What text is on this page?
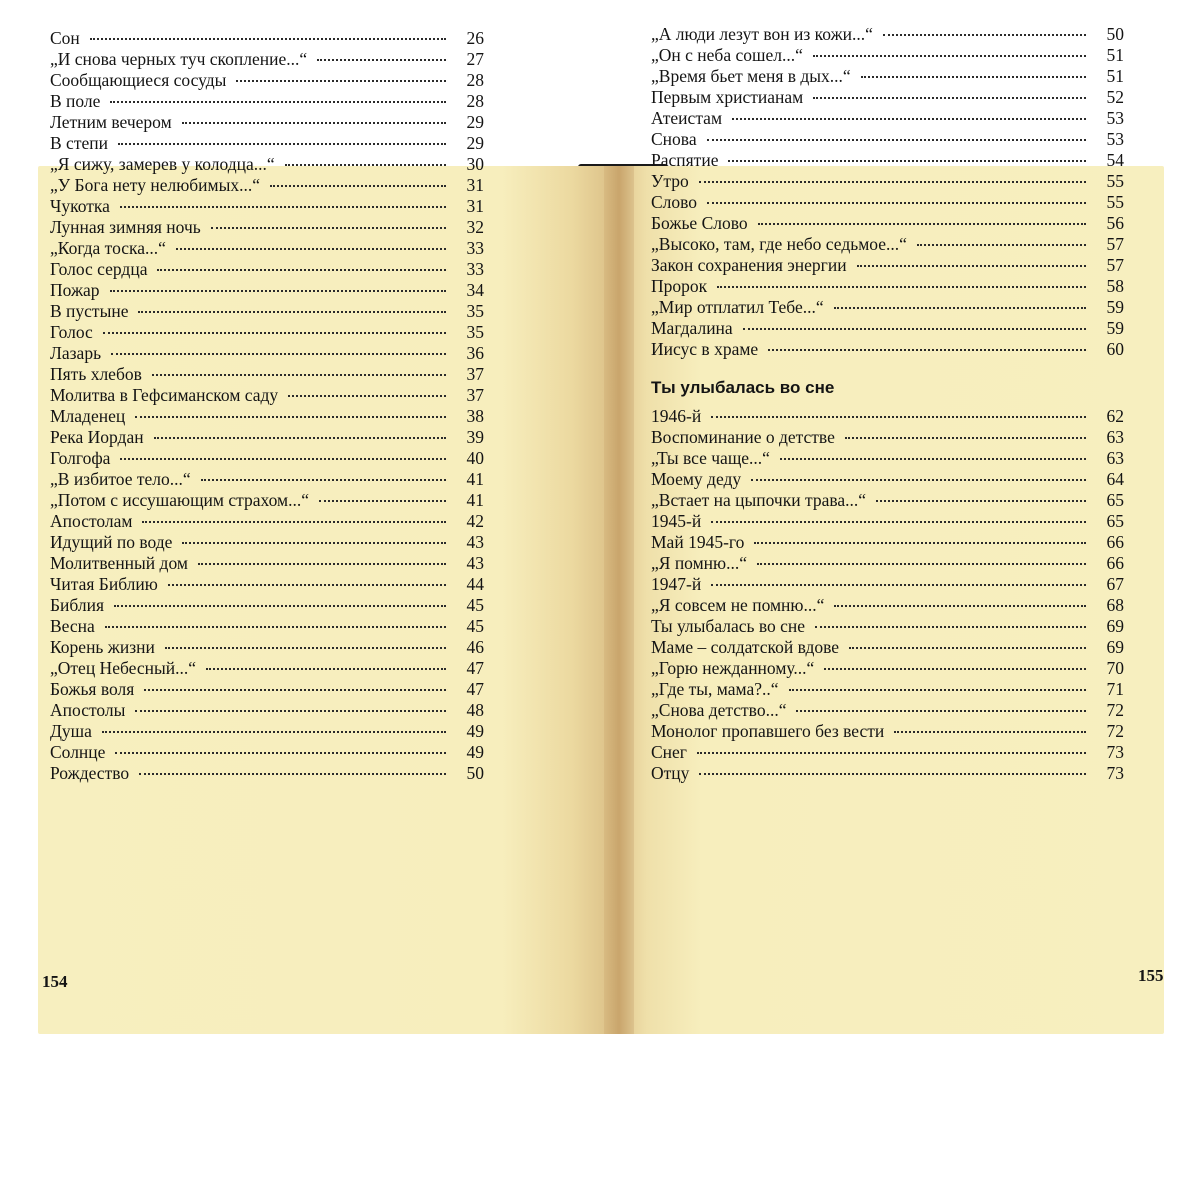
Сон	26
„И снова черных туч скопление...“	27
Сообщающиеся сосуды	28
В поле	28
Летним вечером	29
В степи	29
„Я сижу, замерев у колодца...“	30
„У Бога нету нелюбимых...“	31
Чукотка	31
Лунная зимняя ночь	32
„Когда тоска...“	33
Голос сердца	33
Пожар	34
В пустыне	35
Голос	35
Лазарь	36
Пять хлебов	37
Молитва в Гефсиманском саду	37
Младенец	38
Река Иордан	39
Голгофа	40
„В избитое тело...“	41
„Потом с иссушающим страхом...“	41
Апостолам	42
Идущий по воде	43
Молитвенный дом	43
Читая Библию	44
Библия	45
Весна	45
Корень жизни	46
„Отец Небесный...“	47
Божья воля	47
Апостолы	48
Душа	49
Солнце	49
Рождество	50
„А люди лезут вон из кожи...“	50
„Он с неба сошел...“	51
„Время бьет меня в дых...“	51
Первым христианам	52
Атеистам	53
Снова	53
Распятие	54
Утро	55
Слово	55
Божье Слово	56
„Высоко, там, где небо седьмое...“	57
Закон сохранения энергии	57
Пророк	58
„Мир отплатил Тебе...“	59
Магдалина	59
Иисус в храме	60
Ты улыбалась во сне
1946-й	62
Воспоминание о детстве	63
„Ты все чаще...“	63
Моему деду	64
„Встает на цыпочки трава...“	65
1945-й	65
Май 1945-го	66
„Я помню...“	66
1947-й	67
„Я совсем не помню...“	68
Ты улыбалась во сне	69
Маме – солдатской вдове	69
„Горю нежданному...“	70
„Где ты, мама?..“	71
„Снова детство...“	72
Монолог пропавшего без вести	72
Снег	73
Отцу	73
154	155
